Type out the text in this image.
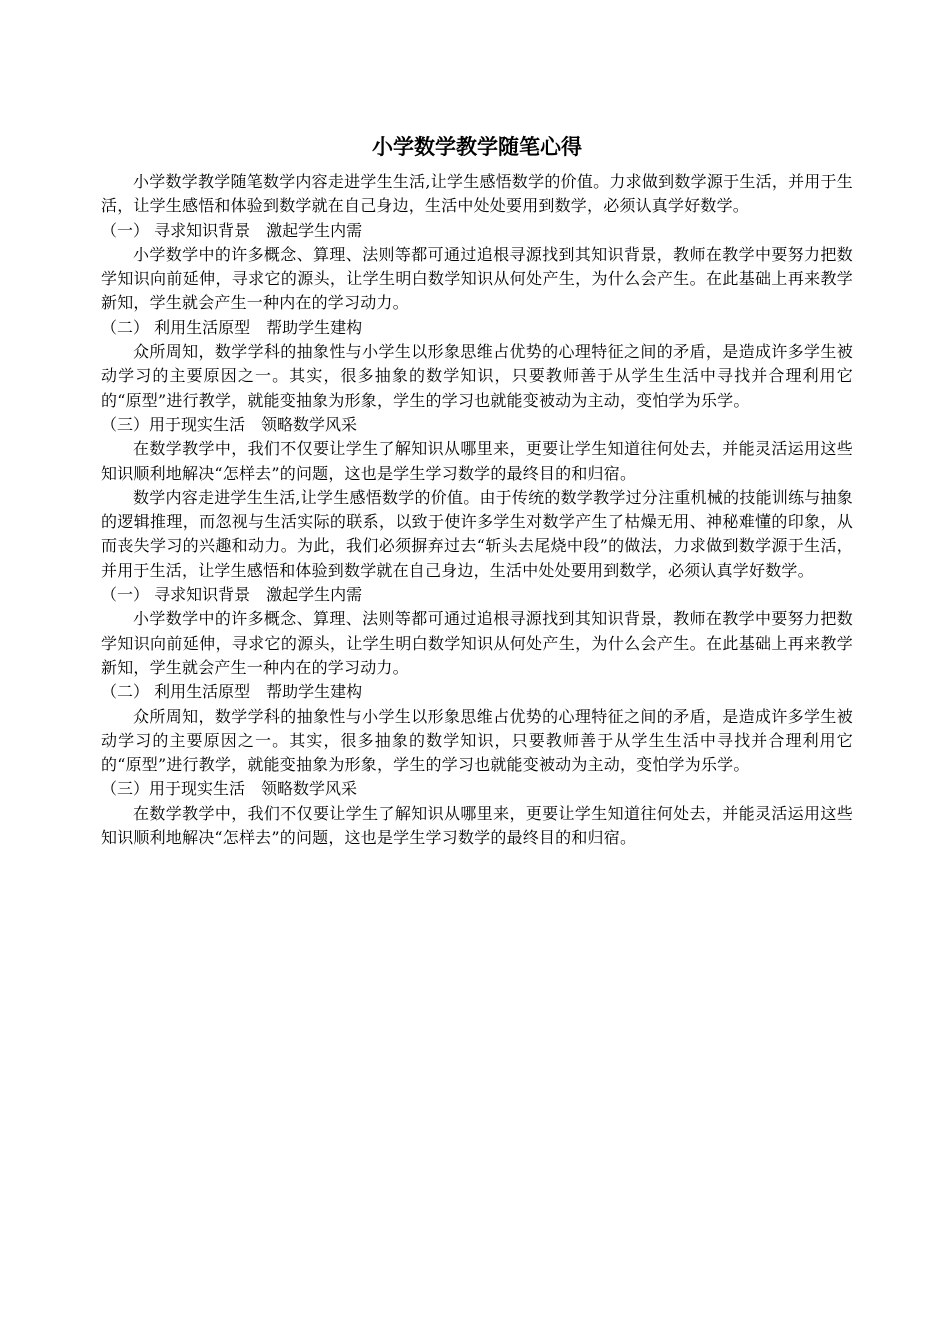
小学数学教学随笔心得

小学数学教学随笔数学内容走进学生生活,让学生感悟数学的价值。力求做到数学源于生活，并用于生活，让学生感悟和体验到数学就在自己身边，生活中处处要用到数学，必须认真学好数学。

（一） 寻求知识背景　激起学生内需

小学数学中的许多概念、算理、法则等都可通过追根寻源找到其知识背景，教师在教学中要努力把数学知识向前延伸，寻求它的源头，让学生明白数学知识从何处产生，为什么会产生。在此基础上再来教学新知，学生就会产生一种内在的学习动力。

（二） 利用生活原型　帮助学生建构

众所周知，数学学科的抽象性与小学生以形象思维占优势的心理特征之间的矛盾，是造成许多学生被动学习的主要原因之一。其实，很多抽象的数学知识，只要教师善于从学生生活中寻找并合理利用它的“原型”进行教学，就能变抽象为形象，学生的学习也就能变被动为主动，变怕学为乐学。

（三）用于现实生活　领略数学风采

在数学教学中，我们不仅要让学生了解知识从哪里来，更要让学生知道往何处去，并能灵活运用这些知识顺利地解决“怎样去”的问题，这也是学生学习数学的最终目的和归宿。

数学内容走进学生生活,让学生感悟数学的价值。由于传统的数学教学过分注重机械的技能训练与抽象的逻辑推理，而忽视与生活实际的联系，以致于使许多学生对数学产生了枯燥无用、神秘难懂的印象，从而丧失学习的兴趣和动力。为此，我们必须摒弃过去“斩头去尾烧中段”的做法，力求做到数学源于生活，并用于生活，让学生感悟和体验到数学就在自己身边，生活中处处要用到数学，必须认真学好数学。

（一） 寻求知识背景　激起学生内需

小学数学中的许多概念、算理、法则等都可通过追根寻源找到其知识背景，教师在教学中要努力把数学知识向前延伸，寻求它的源头，让学生明白数学知识从何处产生，为什么会产生。在此基础上再来教学新知，学生就会产生一种内在的学习动力。

（二） 利用生活原型　帮助学生建构

众所周知，数学学科的抽象性与小学生以形象思维占优势的心理特征之间的矛盾，是造成许多学生被动学习的主要原因之一。其实，很多抽象的数学知识，只要教师善于从学生生活中寻找并合理利用它的“原型”进行教学，就能变抽象为形象，学生的学习也就能变被动为主动，变怕学为乐学。

（三）用于现实生活　领略数学风采

在数学教学中，我们不仅要让学生了解知识从哪里来，更要让学生知道往何处去，并能灵活运用这些知识顺利地解决“怎样去”的问题，这也是学生学习数学的最终目的和归宿。
